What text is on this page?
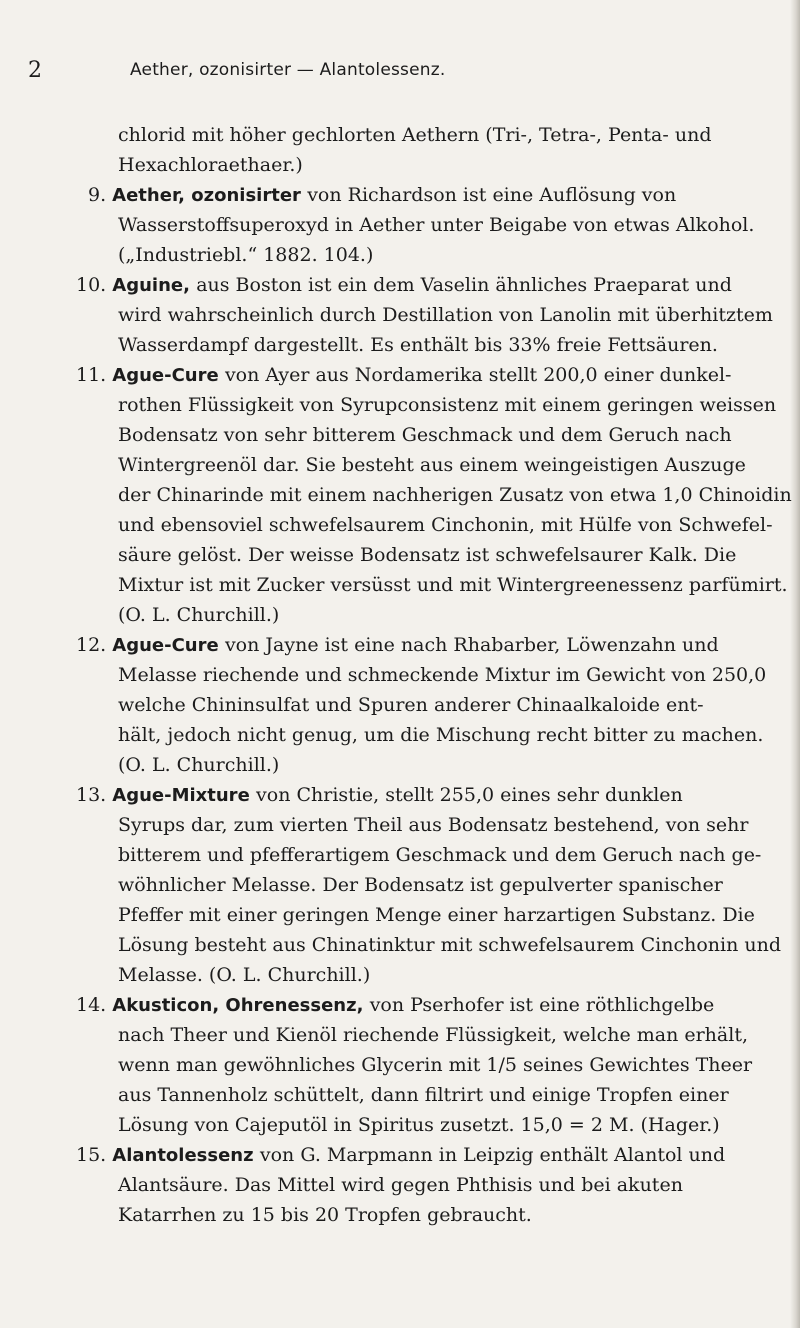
2	Aether, ozonisirter — Alantolessenz.
chlorid mit höher gechlorten Aethern (Tri-, Tetra-, Penta- und
Hexachloraethaer.)
9. Aether, ozonisirter von Richardson ist eine Auflösung von
Wasserstoffsuperoxyd in Aether unter Beigabe von etwas Alkohol.
(„Industriebl.“ 1882. 104.)
10. Aguine, aus Boston ist ein dem Vaselin ähnliches Praeparat und
wird wahrscheinlich durch Destillation von Lanolin mit überhitztem
Wasserdampf dargestellt. Es enthält bis 33% freie Fettsäuren.
11. Ague-Cure von Ayer aus Nordamerika stellt 200,0 einer dunkel-
rothen Flüssigkeit von Syrupconsistenz mit einem geringen weissen
Bodensatz von sehr bitterem Geschmack und dem Geruch nach
Wintergreenöl dar. Sie besteht aus einem weingeistigen Auszuge
der Chinarinde mit einem nachherigen Zusatz von etwa 1,0 Chinoidin
und ebensoviel schwefelsaurem Cinchonin, mit Hülfe von Schwefel-
säure gelöst. Der weisse Bodensatz ist schwefelsaurer Kalk. Die
Mixtur ist mit Zucker versüsst und mit Wintergreenessenz parfümirt.
(O. L. Churchill.)
12. Ague-Cure von Jayne ist eine nach Rhabarber, Löwenzahn und
Melasse riechende und schmeckende Mixtur im Gewicht von 250,0
welche Chininsulfat und Spuren anderer Chinaalkaloide ent-
hält, jedoch nicht genug, um die Mischung recht bitter zu machen.
(O. L. Churchill.)
13. Ague-Mixture von Christie, stellt 255,0 eines sehr dunklen
Syrups dar, zum vierten Theil aus Bodensatz bestehend, von sehr
bitterem und pfefferartigem Geschmack und dem Geruch nach ge-
wöhnlicher Melasse. Der Bodensatz ist gepulverter spanischer
Pfeffer mit einer geringen Menge einer harzartigen Substanz. Die
Lösung besteht aus Chinatinktur mit schwefelsaurem Cinchonin und
Melasse. (O. L. Churchill.)
14. Akusticon, Ohrenessenz, von Pserhofer ist eine röthlichgelbe
nach Theer und Kienöl riechende Flüssigkeit, welche man erhält,
wenn man gewöhnliches Glycerin mit 1/5 seines Gewichtes Theer
aus Tannenholz schüttelt, dann filtrirt und einige Tropfen einer
Lösung von Cajeputöl in Spiritus zusetzt. 15,0 = 2 M. (Hager.)
15. Alantolessenz von G. Marpmann in Leipzig enthält Alantol und
Alantsäure. Das Mittel wird gegen Phthisis und bei akuten
Katarrhen zu 15 bis 20 Tropfen gebraucht.
